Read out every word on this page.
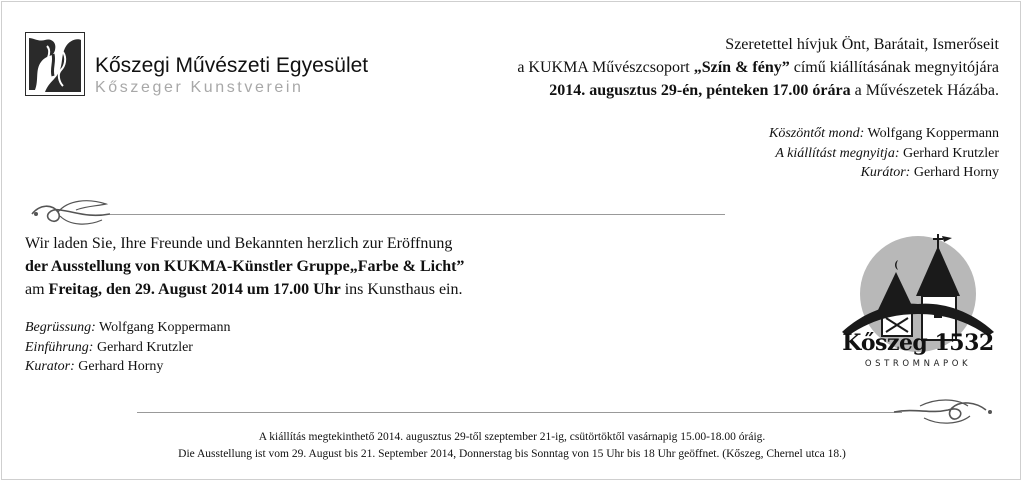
Kőszegi Művészeti Egyesület
Kőszeger Kunstverein
Szeretettel hívjuk Önt, Barátait, Ismerőseit
a KUKMA Művészcsoport „Szín & fény” című kiállításának megnyitójára
2014. augusztus 29-én, pénteken 17.00 órára a Művészetek Házába.
Köszöntőt mond: Wolfgang Koppermann
A kiállítást megnyitja: Gerhard Krutzler
Kurátor: Gerhard Horny
Wir laden Sie, Ihre Freunde und Bekannten herzlich zur Eröffnung
der Ausstellung von KUKMA-Künstler Gruppe„Farbe & Licht”
am Freitag, den 29. August 2014 um 17.00 Uhr ins Kunsthaus ein.
Begrüssung: Wolfgang Koppermann
Einführung: Gerhard Krutzler
Kurator: Gerhard Horny
Kőszeg 1532
OSTROMNAPOK
A kiállítás megtekinthető 2014. augusztus 29-től szeptember 21-ig, csütörtöktől vasárnapig 15.00-18.00 óráig.
Die Ausstellung ist vom 29. August bis 21. September 2014, Donnerstag bis Sonntag von 15 Uhr bis 18 Uhr geöffnet. (Kőszeg, Chernel utca 18.)
